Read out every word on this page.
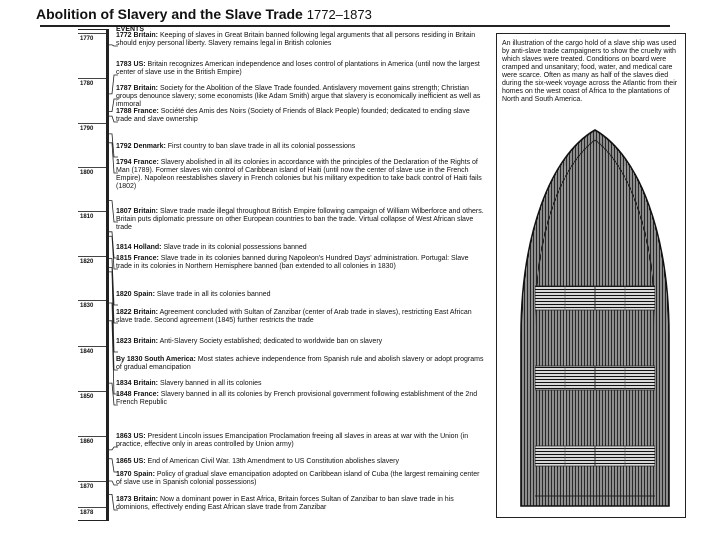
Abolition of Slavery and the Slave Trade 1772–1873
1770
1780
1790
1800
1810
1820
1830
1840
1850
1860
1870
1878
EVENTS
1772 Britain: Keeping of slaves in Great Britain banned following legal arguments that all persons residing in Britain should enjoy personal liberty. Slavery remains legal in British colonies
1783 US: Britain recognizes American independence and loses control of plantations in America (until now the largest center of slave use in the British Empire)
1787 Britain: Society for the Abolition of the Slave Trade founded. Antislavery movement gains strength; Christian groups denounce slavery; some economists (like Adam Smith) argue that slavery is economically inefficient as well as immoral
1788 France: Société des Amis des Noirs (Society of Friends of Black People) founded; dedicated to ending slave trade and slave ownership
1792 Denmark: First country to ban slave trade in all its colonial possessions
1794 France: Slavery abolished in all its colonies in accordance with the principles of the Declaration of the Rights of Man (1789). Former slaves win control of Caribbean island of Haiti (until now the center of slave use in the French Empire). Napoleon reestablishes slavery in French colonies but his military expedition to take back control of Haiti fails (1802)
1807 Britain: Slave trade made illegal throughout British Empire following campaign of William Wilberforce and others. Britain puts diplomatic pressure on other European countries to ban the trade. Virtual collapse of West African slave trade
1814 Holland: Slave trade in its colonial possessions banned
1815 France: Slave trade in its colonies banned during Napoleon's Hundred Days' administration. Portugal: Slave trade in its colonies in Northern Hemisphere banned (ban extended to all colonies in 1830)
1820 Spain: Slave trade in all its colonies banned
1822 Britain: Agreement concluded with Sultan of Zanzibar (center of Arab trade in slaves), restricting East African slave trade. Second agreement (1845) further restricts the trade
1823 Britain: Anti-Slavery Society established; dedicated to worldwide ban on slavery
By 1830 South America: Most states achieve independence from Spanish rule and abolish slavery or adopt programs of gradual emancipation
1834 Britain: Slavery banned in all its colonies
1848 France: Slavery banned in all its colonies by French provisional government following establishment of the 2nd French Republic
1863 US: President Lincoln issues Emancipation Proclamation freeing all slaves in areas at war with the Union (in practice, effective only in areas controlled by Union army)
1865 US: End of American Civil War. 13th Amendment to US Constitution abolishes slavery
1870 Spain: Policy of gradual slave emancipation adopted on Caribbean island of Cuba (the largest remaining center of slave use in Spanish colonial possessions)
1873 Britain: Now a dominant power in East Africa, Britain forces Sultan of Zanzibar to ban slave trade in his dominions, effectively ending East African slave trade from Zanzibar
An illustration of the cargo hold of a slave ship was used by anti-slave trade campaigners to show the cruelty with which slaves were treated. Conditions on board were cramped and unsanitary; food, water, and medical care were scarce. Often as many as half of the slaves died during the six-week voyage across the Atlantic from their homes on the west coast of Africa to the plantations of North and South America.
